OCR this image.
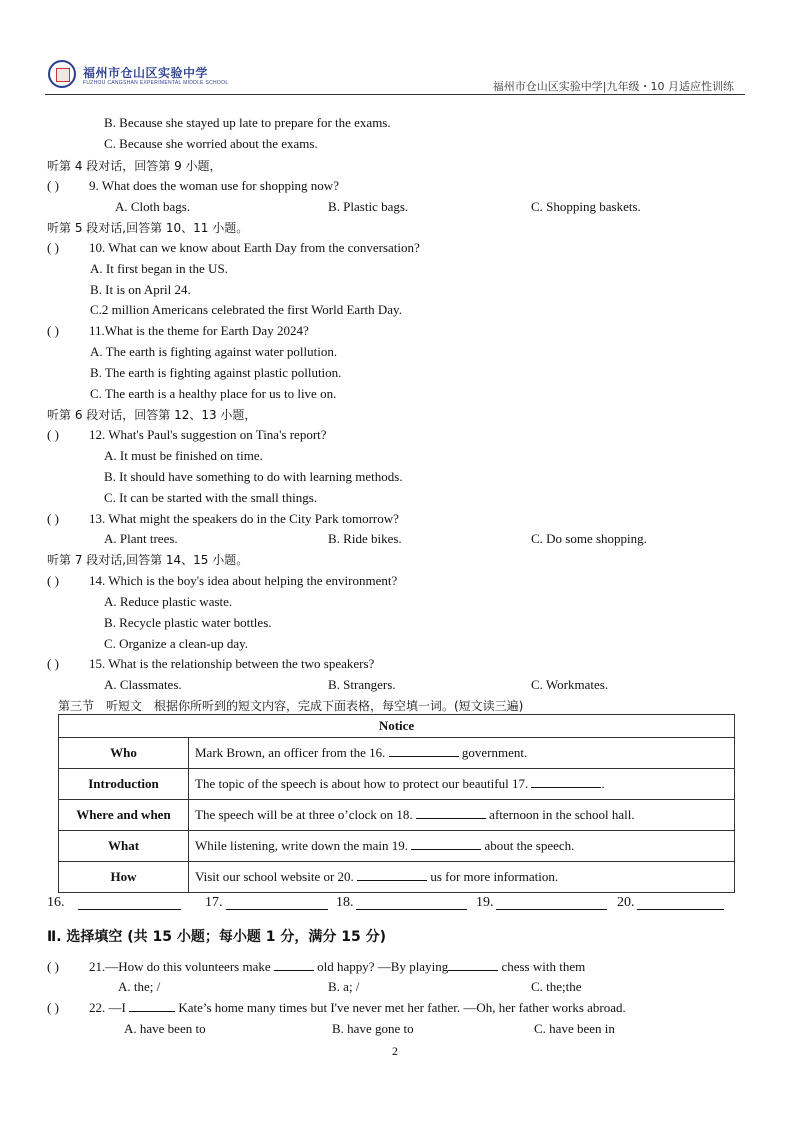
福州市仓山区实验中学
FUZHOU CANGSHAN EXPERIMENTAL MIDDLE SCHOOL	福州市仓山区实验中学|九年级・10 月适应性训练
B. Because she stayed up late to prepare for the exams.
C. Because she worried about the exams.
听第 4 段对话，回答第 9 小题，
( ) 9. What does the woman use for shopping now?
A. Cloth bags.	B. Plastic bags.	C. Shopping baskets.
听第 5 段对话,回答第 10、11 小题。
( ) 10. What can we know about Earth Day from the conversation?
A. It first began in the US.
B. It is on April 24.
C.2 million Americans celebrated the first World Earth Day.
( ) 11.What is the theme for Earth Day 2024?
A. The earth is fighting against water pollution.
B. The earth is fighting against plastic pollution.
C. The earth is a healthy place for us to live on.
听第 6 段对话，回答第 12、13 小题，
( ) 12. What's Paul's suggestion on Tina's report?
A. It must be finished on time.
B. It should have something to do with learning methods.
C. It can be started with the small things.
( ) 13. What might the speakers do in the City Park tomorrow?
A. Plant trees.	B. Ride bikes.	C. Do some shopping.
听第 7 段对话,回答第 14、15 小题。
( ) 14. Which is the boy's idea about helping the environment?
A. Reduce plastic waste.
B. Recycle plastic water bottles.
C. Organize a clean-up day.
( ) 15. What is the relationship between the two speakers?
A. Classmates.	B. Strangers.	C. Workmates.
第三节　听短文　根据你所听到的短文内容，完成下面表格，每空填一词。(短文读三遍)
Notice	
Who	Mark Brown, an officer from the 16. government.
Introduction	The topic of the speech is about how to protect our beautiful 17. .
Where and when	The speech will be at three o’clock on 18. afternoon in the school hall.
What	While listening, write down the main 19. about the speech.
How	Visit our school website or 20. us for more information.
16.	17.	18.	19.	20.
Ⅱ. 选择填空 (共 15 小题；每小题 1 分，满分 15 分)
( ) 21.—How do this volunteers make	old happy? —By playing	chess with them
A. the; /	B. a; /	C. the;the
( ) 22. —I	Kate’s home many times but I've never met her father. —Oh, her father works abroad.
A. have been to	B. have gone to	C. have been in
2
